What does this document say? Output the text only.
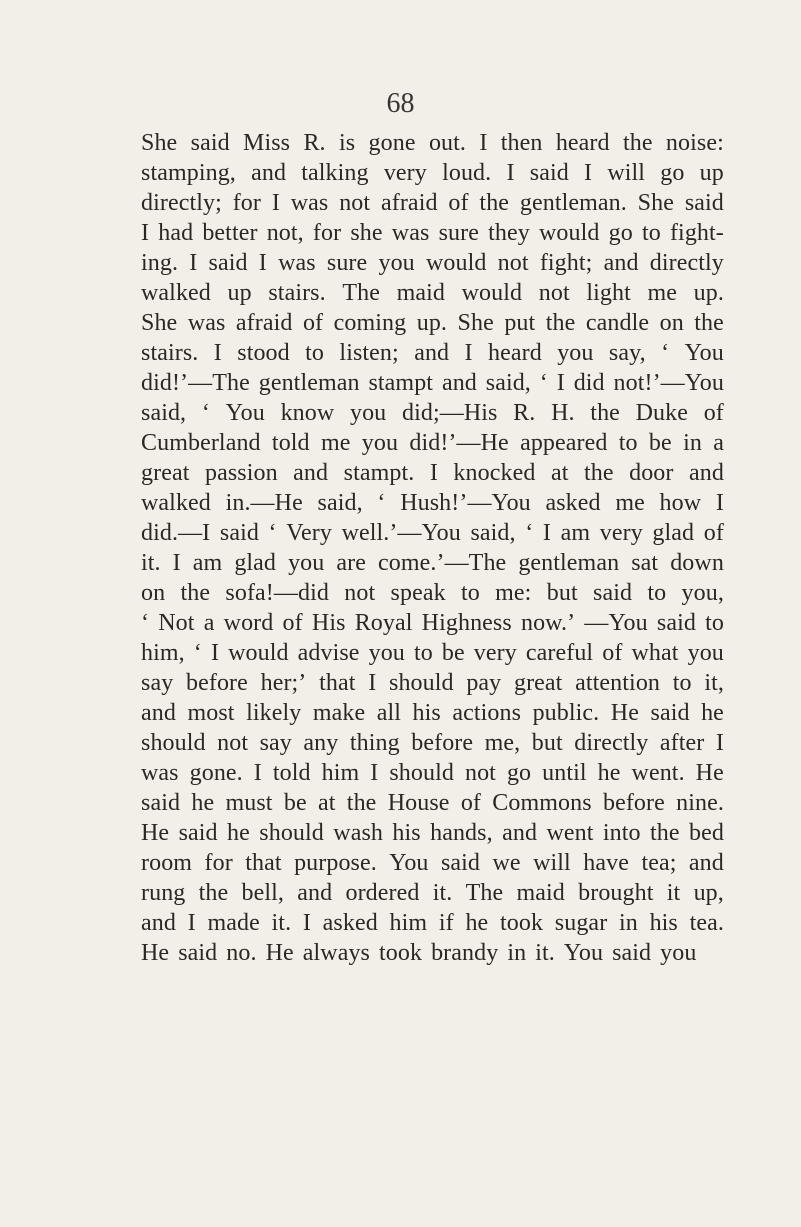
68
She said Miss R. is gone out. I then heard the noise:
stamping, and talking very loud. I said I will go up
directly; for I was not afraid of the gentleman. She said
I had better not, for she was sure they would go to fight-
ing. I said I was sure you would not fight; and directly
walked up stairs. The maid would not light me up.
She was afraid of coming up. She put the candle on the
stairs. I stood to listen; and I heard you say, ‘ You
did!’—The gentleman stampt and said, ‘ I did not!’—You
said, ‘ You know you did;—His R. H. the Duke of
Cumberland told me you did!’—He appeared to be in a
great passion and stampt. I knocked at the door and
walked in.—He said, ‘ Hush!’—You asked me how I
did.—I said ‘ Very well.’—You said, ‘ I am very glad of
it. I am glad you are come.’—The gentleman sat down
on the sofa!—did not speak to me: but said to you,
‘ Not a word of His Royal Highness now.’ —You said to
him, ‘ I would advise you to be very careful of what you
say before her;’ that I should pay great attention to it,
and most likely make all his actions public. He said he
should not say any thing before me, but directly after I
was gone. I told him I should not go until he went. He
said he must be at the House of Commons before nine.
He said he should wash his hands, and went into the bed
room for that purpose. You said we will have tea; and
rung the bell, and ordered it. The maid brought it up,
and I made it. I asked him if he took sugar in his tea.
He said no. He always took brandy in it. You said you
